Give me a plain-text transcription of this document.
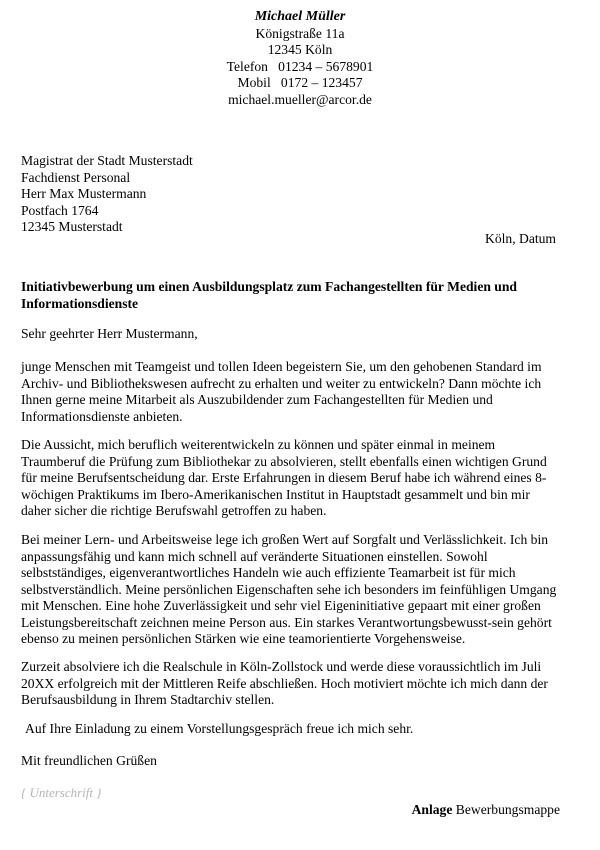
Michael Müller
Königstraße 11a
12345 Köln
Telefon   01234 – 5678901
Mobil   0172 – 123457
michael.mueller@arcor.de
Magistrat der Stadt Musterstadt
Fachdienst Personal
Herr Max Mustermann
Postfach 1764
12345 Musterstadt
Köln, Datum
Initiativbewerbung um einen Ausbildungsplatz zum Fachangestellten für Medien und Informationsdienste
Sehr geehrter Herr Mustermann,
junge Menschen mit Teamgeist und tollen Ideen begeistern Sie, um den gehobenen Standard im Archiv- und Bibliothekswesen aufrecht zu erhalten und weiter zu entwickeln? Dann möchte ich Ihnen gerne meine Mitarbeit als Auszubildender zum Fachangestellten für Medien und Informationsdienste anbieten.
Die Aussicht, mich beruflich weiterentwickeln zu können und später einmal in meinem Traumberuf die Prüfung zum Bibliothekar zu absolvieren, stellt ebenfalls einen wichtigen Grund für meine Berufsentscheidung dar. Erste Erfahrungen in diesem Beruf habe ich während eines 8-wöchigen Praktikums im Ibero-Amerikanischen Institut in Hauptstadt gesammelt und bin mir daher sicher die richtige Berufswahl getroffen zu haben.
Bei meiner Lern- und Arbeitsweise lege ich großen Wert auf Sorgfalt und Verlässlichkeit. Ich bin anpassungsfähig und kann mich schnell auf veränderte Situationen einstellen. Sowohl selbstständiges, eigenverantwortliches Handeln wie auch effiziente Teamarbeit ist für mich selbstverständlich. Meine persönlichen Eigenschaften sehe ich besonders im feinfühligen Umgang mit Menschen. Eine hohe Zuverlässigkeit und sehr viel Eigeninitiative gepaart mit einer großen Leistungsbereitschaft zeichnen meine Person aus. Ein starkes Verantwortungsbewusst-sein gehört ebenso zu meinen persönlichen Stärken wie eine teamorientierte Vorgehensweise.
Zurzeit absolviere ich die Realschule in Köln-Zollstock und werde diese voraussichtlich im Juli 20XX erfolgreich mit der Mittleren Reife abschließen. Hoch motiviert möchte ich mich dann der Berufsausbildung in Ihrem Stadtarchiv stellen.
Auf Ihre Einladung zu einem Vorstellungsgespräch freue ich mich sehr.
Mit freundlichen Grüßen
{ Unterschrift }
Anlage Bewerbungsmappe
